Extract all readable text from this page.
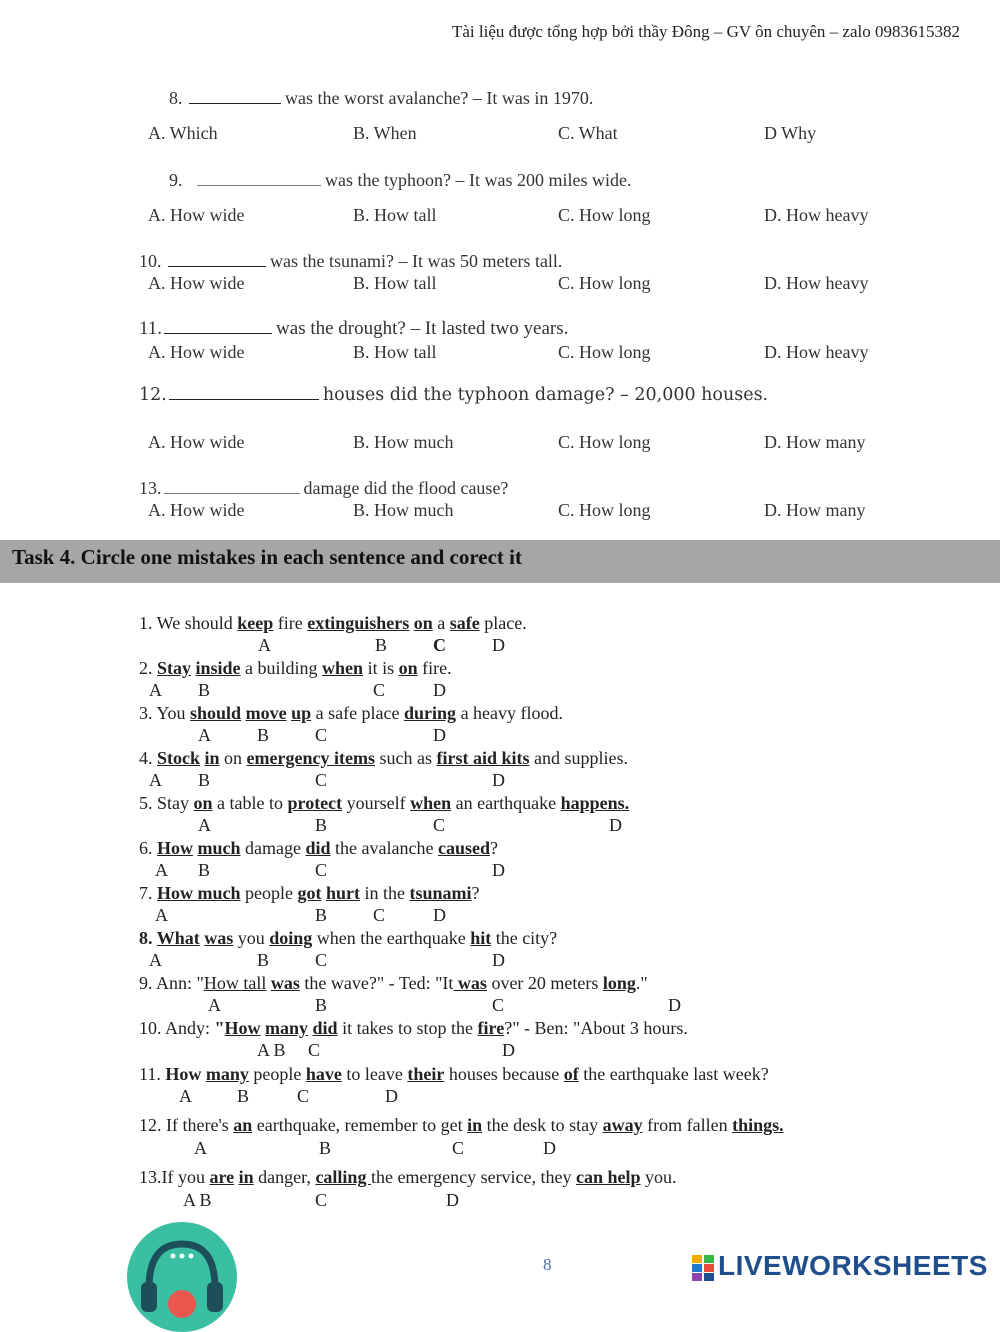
Tài liệu được tổng hợp bởi thầy Đông – GV ôn chuyên – zalo 0983615382
8.	was the worst avalanche? – It was in 1970.
A. Which	B. When	C. What	D Why
9.	was the typhoon? – It was 200 miles wide.
A. How wide	B. How tall	C. How long	D. How heavy
10.	was the tsunami? – It was 50 meters tall.
A. How wide	B. How tall	C. How long	D. How heavy
11.	was the drought? – It lasted two years.
A. How wide	B. How tall	C. How long	D. How heavy
12.	houses did the typhoon damage? – 20,000 houses.
A. How wide	B. How much	C. How long	D. How many
13.	damage did the flood cause?
A. How wide	B. How much	C. How long	D. How many
Task 4. Circle one mistakes in each sentence and corect it
1. We should keep fire extinguishers on a safe place.
A	B	C	D
2. Stay inside a building when it is on fire.
A B	C	D
3. You should move up a safe place during a heavy flood.
A	B	C	D
4. Stock in on emergency items such as first aid kits and supplies.
A B	C	D
5. Stay on a table to protect yourself when an earthquake happens.
A	B	C	D
6. How much damage did the avalanche caused?
A B	C	D
7. How much people got hurt in the tsunami?
A	B	C	D
8. What was you doing when the earthquake hit the city?
A	B	C	D
9. Ann: "How tall was the wave?" - Ted: "It was over 20 meters long."
A	B	C	D
10. Andy: "How many did it takes to stop the fire?" - Ben: "About 3 hours.
A B C	D
11. How many people have to leave their houses because of the earthquake last week?
A	B	C	D
12. If there's an earthquake, remember to get in the desk to stay away from fallen things.
A	B	C	D
13.If you are in danger, calling the emergency service, they can help you.
A B	C	D
8	LIVEWORKSHEETS
